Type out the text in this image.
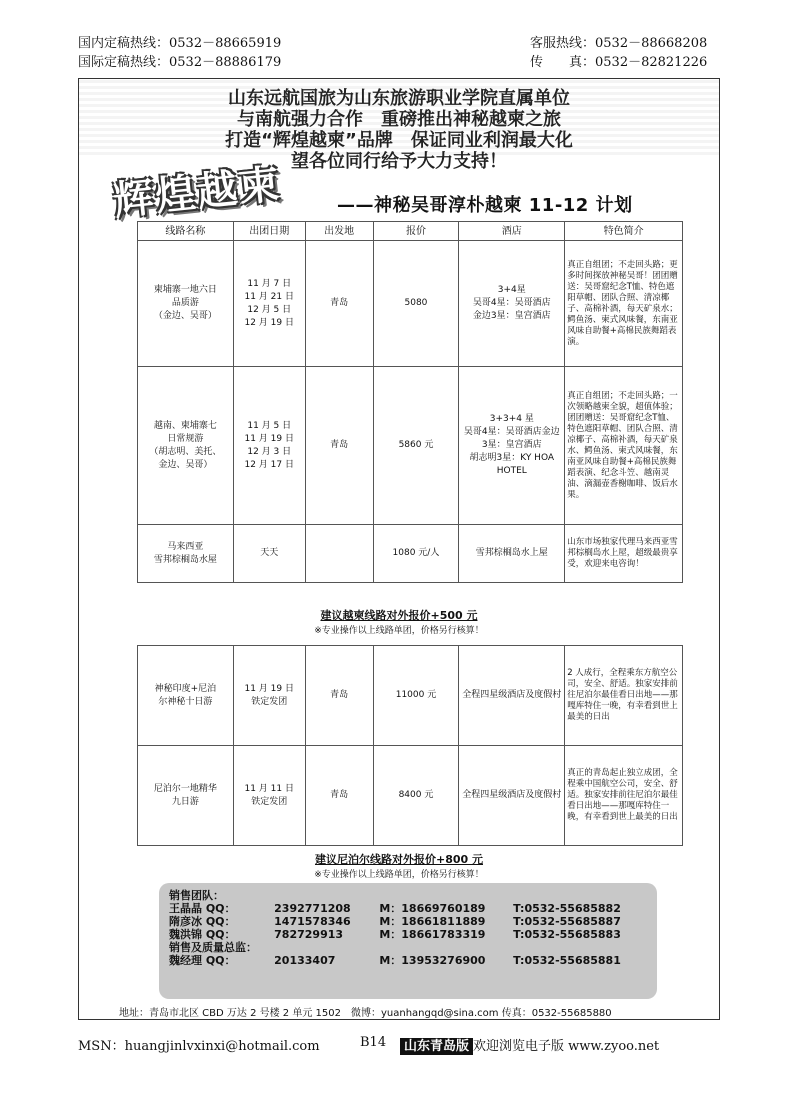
国内定稿热线：0532－88665919
国际定稿热线：0532－88886179
客服热线：0532－88668208
传　　真：0532－82821226
山东远航国旅为山东旅游职业学院直属单位
与南航强力合作　重磅推出神秘越柬之旅
打造“辉煌越柬”品牌　保证同业利润最大化
望各位同行给予大力支持！
辉煌越柬	——神秘吴哥淳朴越柬 11-12 计划
线路名称	出团日期	出发地	报价	酒店	特色简介
柬埔寨一地六日
品质游
（金边、吴哥）	11 月 7 日
11 月 21 日
12 月 5 日
12 月 19 日	青岛	5080	3+4星
吴哥4星：吴哥酒店
金边3星：皇宫酒店	真正自组团；不走回头路；更多时间探放神秘吴哥！团团赠送：吴哥窟纪念T恤、特色遮阳草帽、团队合照、清凉椰子、高棉补酒，每天矿泉水；鳄鱼汤、柬式风味餐，东南亚风味自助餐+高棉民族舞蹈表演。
越南、柬埔寨七
日常规游
（胡志明、美托、
金边、吴哥）	11 月 5 日
11 月 19 日
12 月 3 日
12 月 17 日	青岛	5860 元	3+3+4 星
吴哥4星：吴哥酒店金边3星：皇宫酒店
胡志明3星：KY HOA HOTEL	真正自组团；不走回头路；一次领略越柬全貌，超值体验；团团赠送：吴哥窟纪念T恤、特色遮阳草帽、团队合照、清凉椰子、高棉补酒，每天矿泉水、鳄鱼汤、柬式风味餐，东南亚风味自助餐+高棉民族舞蹈表演、纪念斗笠、越南灵油、滴漏壶香榭咖啡、饭后水果。
马来西亚
雪邦棕榈岛水屋	天天		1080 元/人	雪邦棕榈岛水上屋	山东市场独家代理马来西亚雪邦棕榈岛水上屋，超级最贵享受，欢迎来电咨询！
建议越柬线路对外报价+500 元
※专业操作以上线路单团，价格另行核算！
神秘印度+尼泊
尔神秘十日游	11 月 19 日
铁定发团	青岛	11000 元	全程四星级酒店及度假村	2 人成行，全程乘东方航空公司，安全、舒适。独家安排前往尼泊尔最佳看日出地——那嘎库特住一晚，有幸看到世上最美的日出
尼泊尔一地精华
九日游	11 月 11 日
铁定发团	青岛	8400 元	全程四星级酒店及度假村	真正的青岛起止独立成团，全程乘中国航空公司，安全、舒适。独家安排前往尼泊尔最佳看日出地——那嘎库特住一晚，有幸看到世上最美的日出
建议尼泊尔线路对外报价+800 元
※专业操作以上线路单团，价格另行核算！
销售团队：
王晶晶 QQ：	2392771208	M：18669760189	T:0532-55685882
隋彦冰 QQ：	1471578346	M：18661811889	T:0532-55685887
魏洪锦 QQ：	782729913	M：18661783319	T:0532-55685883
销售及质量总监：
魏经理 QQ：	20133407	M：13953276900	T:0532-55685881
地址：青岛市北区 CBD 万达 2 号楼 2 单元 1502　微博：yuanhangqd@sina.com 传真：0532-55685880
MSN：huangjinlvxinxi@hotmail.com	B14	山东青岛版 欢迎浏览电子版 www.zyoo.net
